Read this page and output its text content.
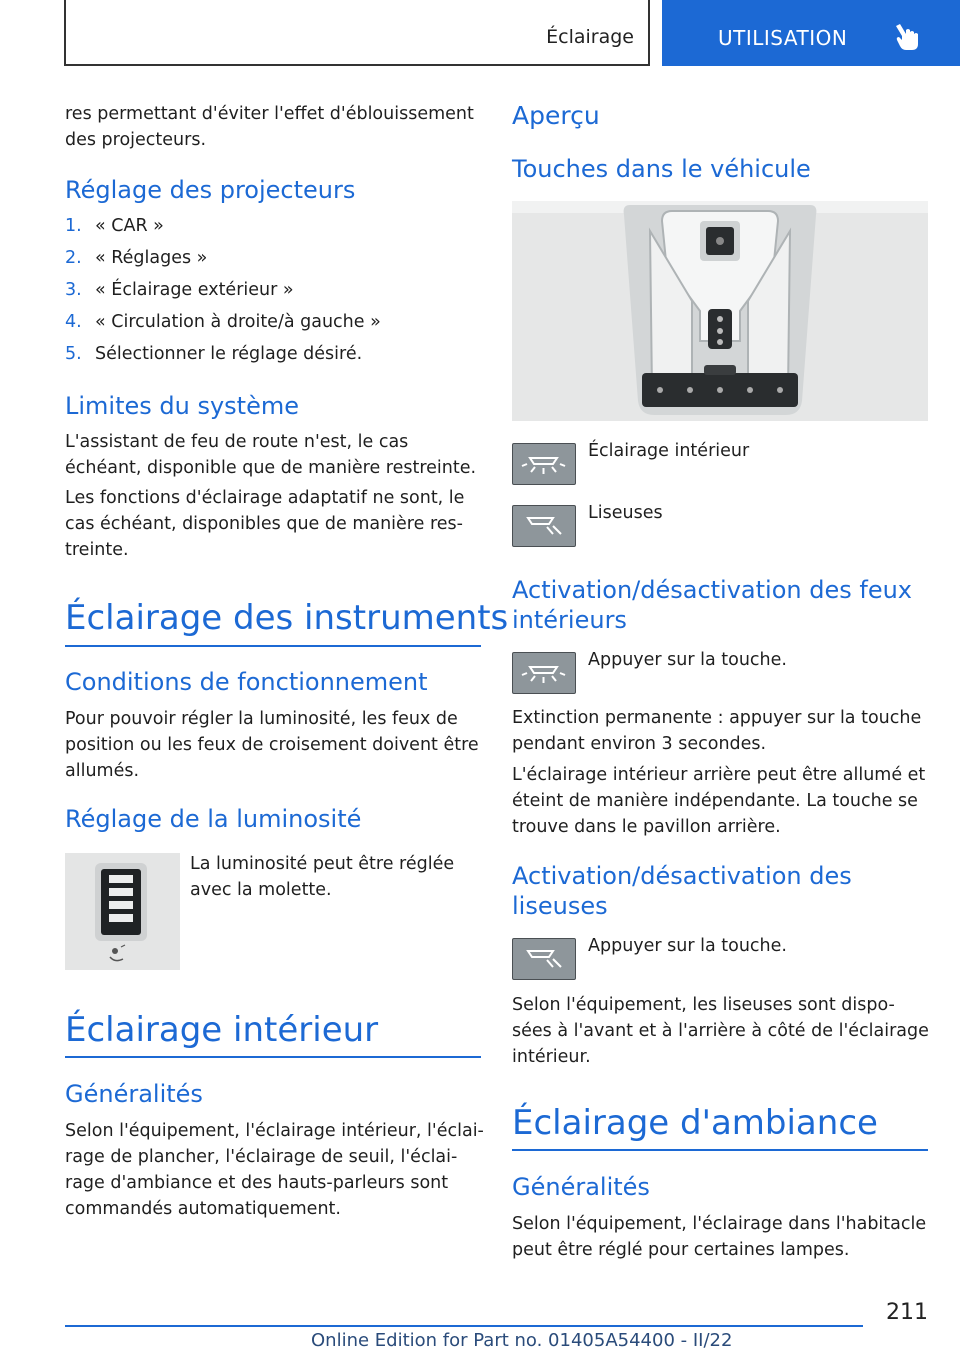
Éclairage	UTILISATION
res permettant d'éviter l'effet d'éblouissement
des projecteurs.
Réglage des projecteurs
1. « CAR »
2. « Réglages »
3. « Éclairage extérieur »
4. « Circulation à droite/à gauche »
5. Sélectionner le réglage désiré.
Limites du système
L'assistant de feu de route n'est, le cas
échéant, disponible que de manière restreinte.
Les fonctions d'éclairage adaptatif ne sont, le
cas échéant, disponibles que de manière res-
treinte.
Éclairage des instruments
Conditions de fonctionnement
Pour pouvoir régler la luminosité, les feux de
position ou les feux de croisement doivent être
allumés.
Réglage de la luminosité
La luminosité peut être réglée
avec la molette.
Éclairage intérieur
Généralités
Selon l'équipement, l'éclairage intérieur, l'éclai-
rage de plancher, l'éclairage de seuil, l'éclai-
rage d'ambiance et des hauts-parleurs sont
commandés automatiquement.
Aperçu
Touches dans le véhicule
Éclairage intérieur
Liseuses
Activation/désactivation des feux
intérieurs
Appuyer sur la touche.
Extinction permanente : appuyer sur la touche
pendant environ 3 secondes.
L'éclairage intérieur arrière peut être allumé et
éteint de manière indépendante. La touche se
trouve dans le pavillon arrière.
Activation/désactivation des
liseuses
Appuyer sur la touche.
Selon l'équipement, les liseuses sont dispo-
sées à l'avant et à l'arrière à côté de l'éclairage
intérieur.
Éclairage d'ambiance
Généralités
Selon l'équipement, l'éclairage dans l'habitacle
peut être réglé pour certaines lampes.
211
Online Edition for Part no. 01405A54400 - II/22
